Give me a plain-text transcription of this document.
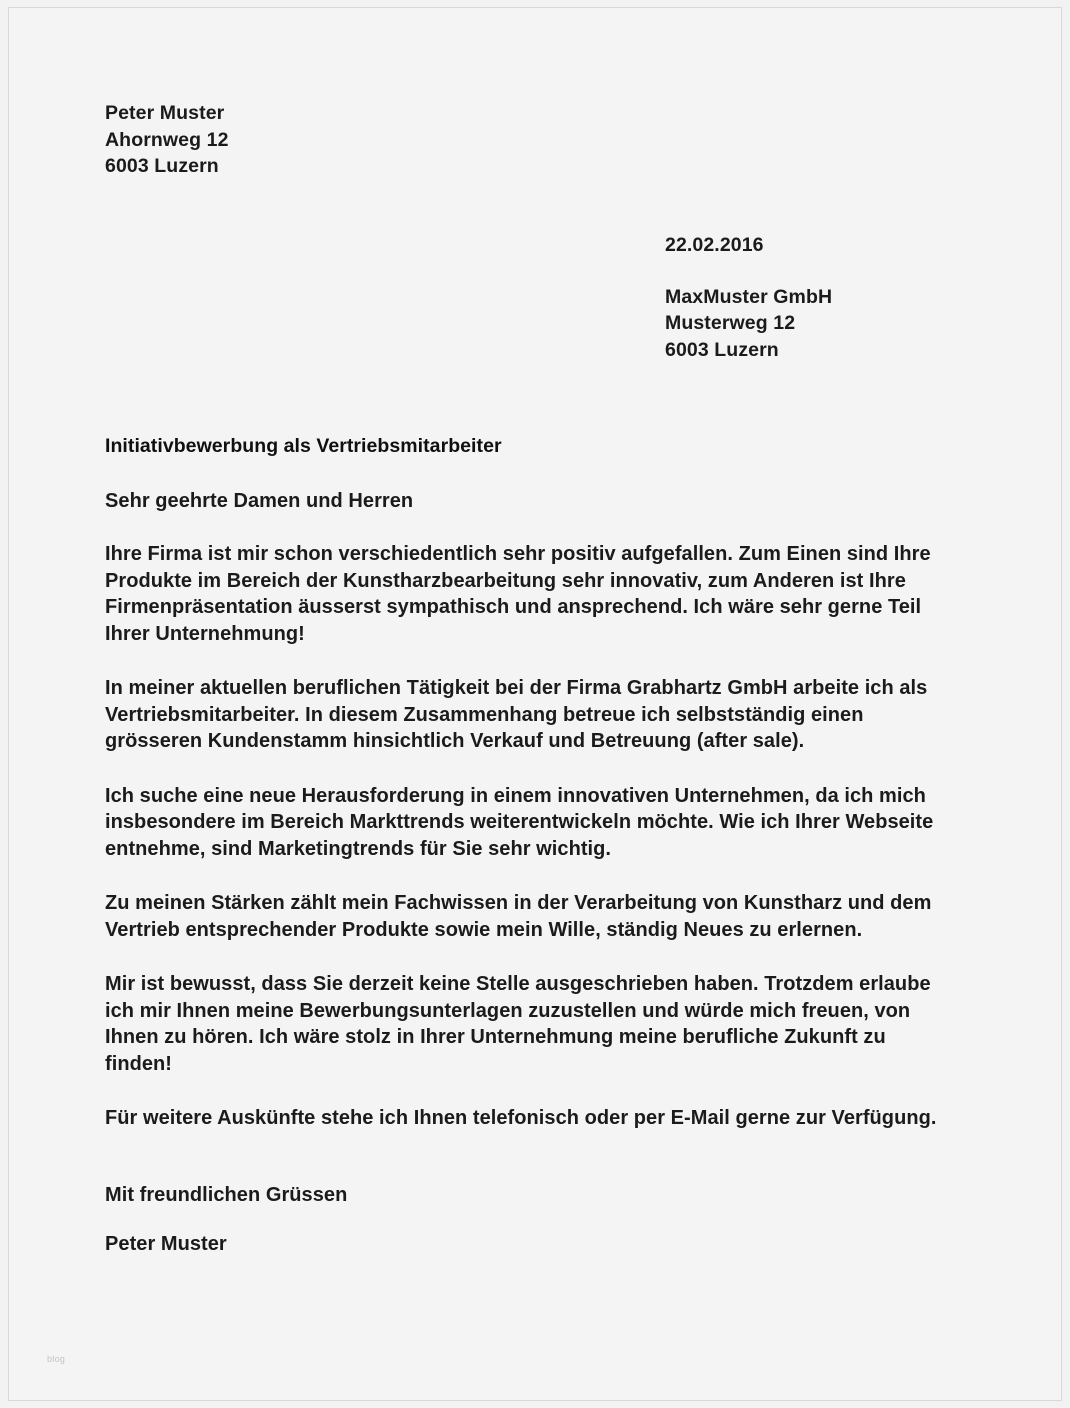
Peter Muster
Ahornweg 12
6003 Luzern
22.02.2016
MaxMuster GmbH
Musterweg 12
6003 Luzern
Initiativbewerbung als Vertriebsmitarbeiter
Sehr geehrte Damen und Herren
Ihre Firma ist mir schon verschiedentlich sehr positiv aufgefallen. Zum Einen sind Ihre Produkte im Bereich der Kunstharzbearbeitung sehr innovativ, zum Anderen ist Ihre Firmenpräsentation äusserst sympathisch und ansprechend. Ich wäre sehr gerne Teil Ihrer Unternehmung!
In meiner aktuellen beruflichen Tätigkeit bei der Firma Grabhartz GmbH arbeite ich als Vertriebsmitarbeiter. In diesem Zusammenhang betreue ich selbstständig einen grösseren Kundenstamm hinsichtlich Verkauf und Betreuung (after sale).
Ich suche eine neue Herausforderung in einem innovativen Unternehmen, da ich mich insbesondere im Bereich Markttrends weiterentwickeln möchte. Wie ich Ihrer Webseite entnehme, sind Marketingtrends für Sie sehr wichtig.
Zu meinen Stärken zählt mein Fachwissen in der Verarbeitung von Kunstharz und dem Vertrieb entsprechender Produkte sowie mein Wille, ständig Neues zu erlernen.
Mir ist bewusst, dass Sie derzeit keine Stelle ausgeschrieben haben. Trotzdem erlaube ich mir Ihnen meine Bewerbungsunterlagen zuzustellen und würde mich freuen, von Ihnen zu hören. Ich wäre stolz in Ihrer Unternehmung meine berufliche Zukunft zu finden!
Für weitere Auskünfte stehe ich Ihnen telefonisch oder per E-Mail gerne zur Verfügung.
Mit freundlichen Grüssen
Peter Muster
blog
